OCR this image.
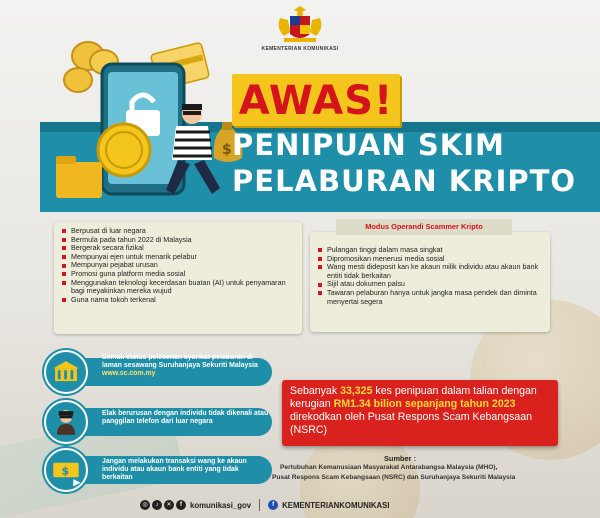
KEMENTERIAN KOMUNIKASI
$
AWAS!
PENIPUAN SKIM
PELABURAN KRIPTO
Berpusat di luar negara
Bermula pada tahun 2022 di Malaysia
Bergerak secara fizikal
Mempunyai ejen untuk menarik pelabur
Mempunyai pejabat urusan
Promosi guna platform media sosial
Menggunakan teknologi kecerdasan buatan (AI) untuk penyamaran bagi meyakinkan mereka wujud
Guna nama tokoh terkenal
Pulangan tinggi dalam masa singkat
Dipromosikan menerusi media sosial
Wang mesti dideposit kan ke akaun milik individu atau akaun bank entiti tidak berkaitan
Sijil atau dokumen palsu
Tawaran pelaburan hanya untuk jangka masa pendek dan diminta menyertai segera
Modus Operandi Scammer Kripto
Semak status pelesenan syarikat pelaburan di laman sesawang Suruhanjaya Sekuriti Malaysia
www.sc.com.my
Elak berurusan dengan individu tidak dikenali atau panggilan telefon dari luar negara
$
Jangan melakukan transaksi wang ke akaun individu atau akaun bank entiti yang tidak berkaitan

Sebanyak 33,325 kes penipuan dalam talian dengan kerugian RM1.34 bilion sepanjang tahun 2023 direkodkan oleh Pusat Respons Scam Kebangsaan (NSRC)

Sumber :
Pertubuhan Kemanusiaan Masyarakat Antarabangsa Malaysia (MHO),
Pusat Respons Scam Kebangsaan (NSRC) dan Suruhanjaya Sekuriti Malaysia
◎	♪	✕	f	komunikasi_gov	f	KEMENTERIANKOMUNIKASI
